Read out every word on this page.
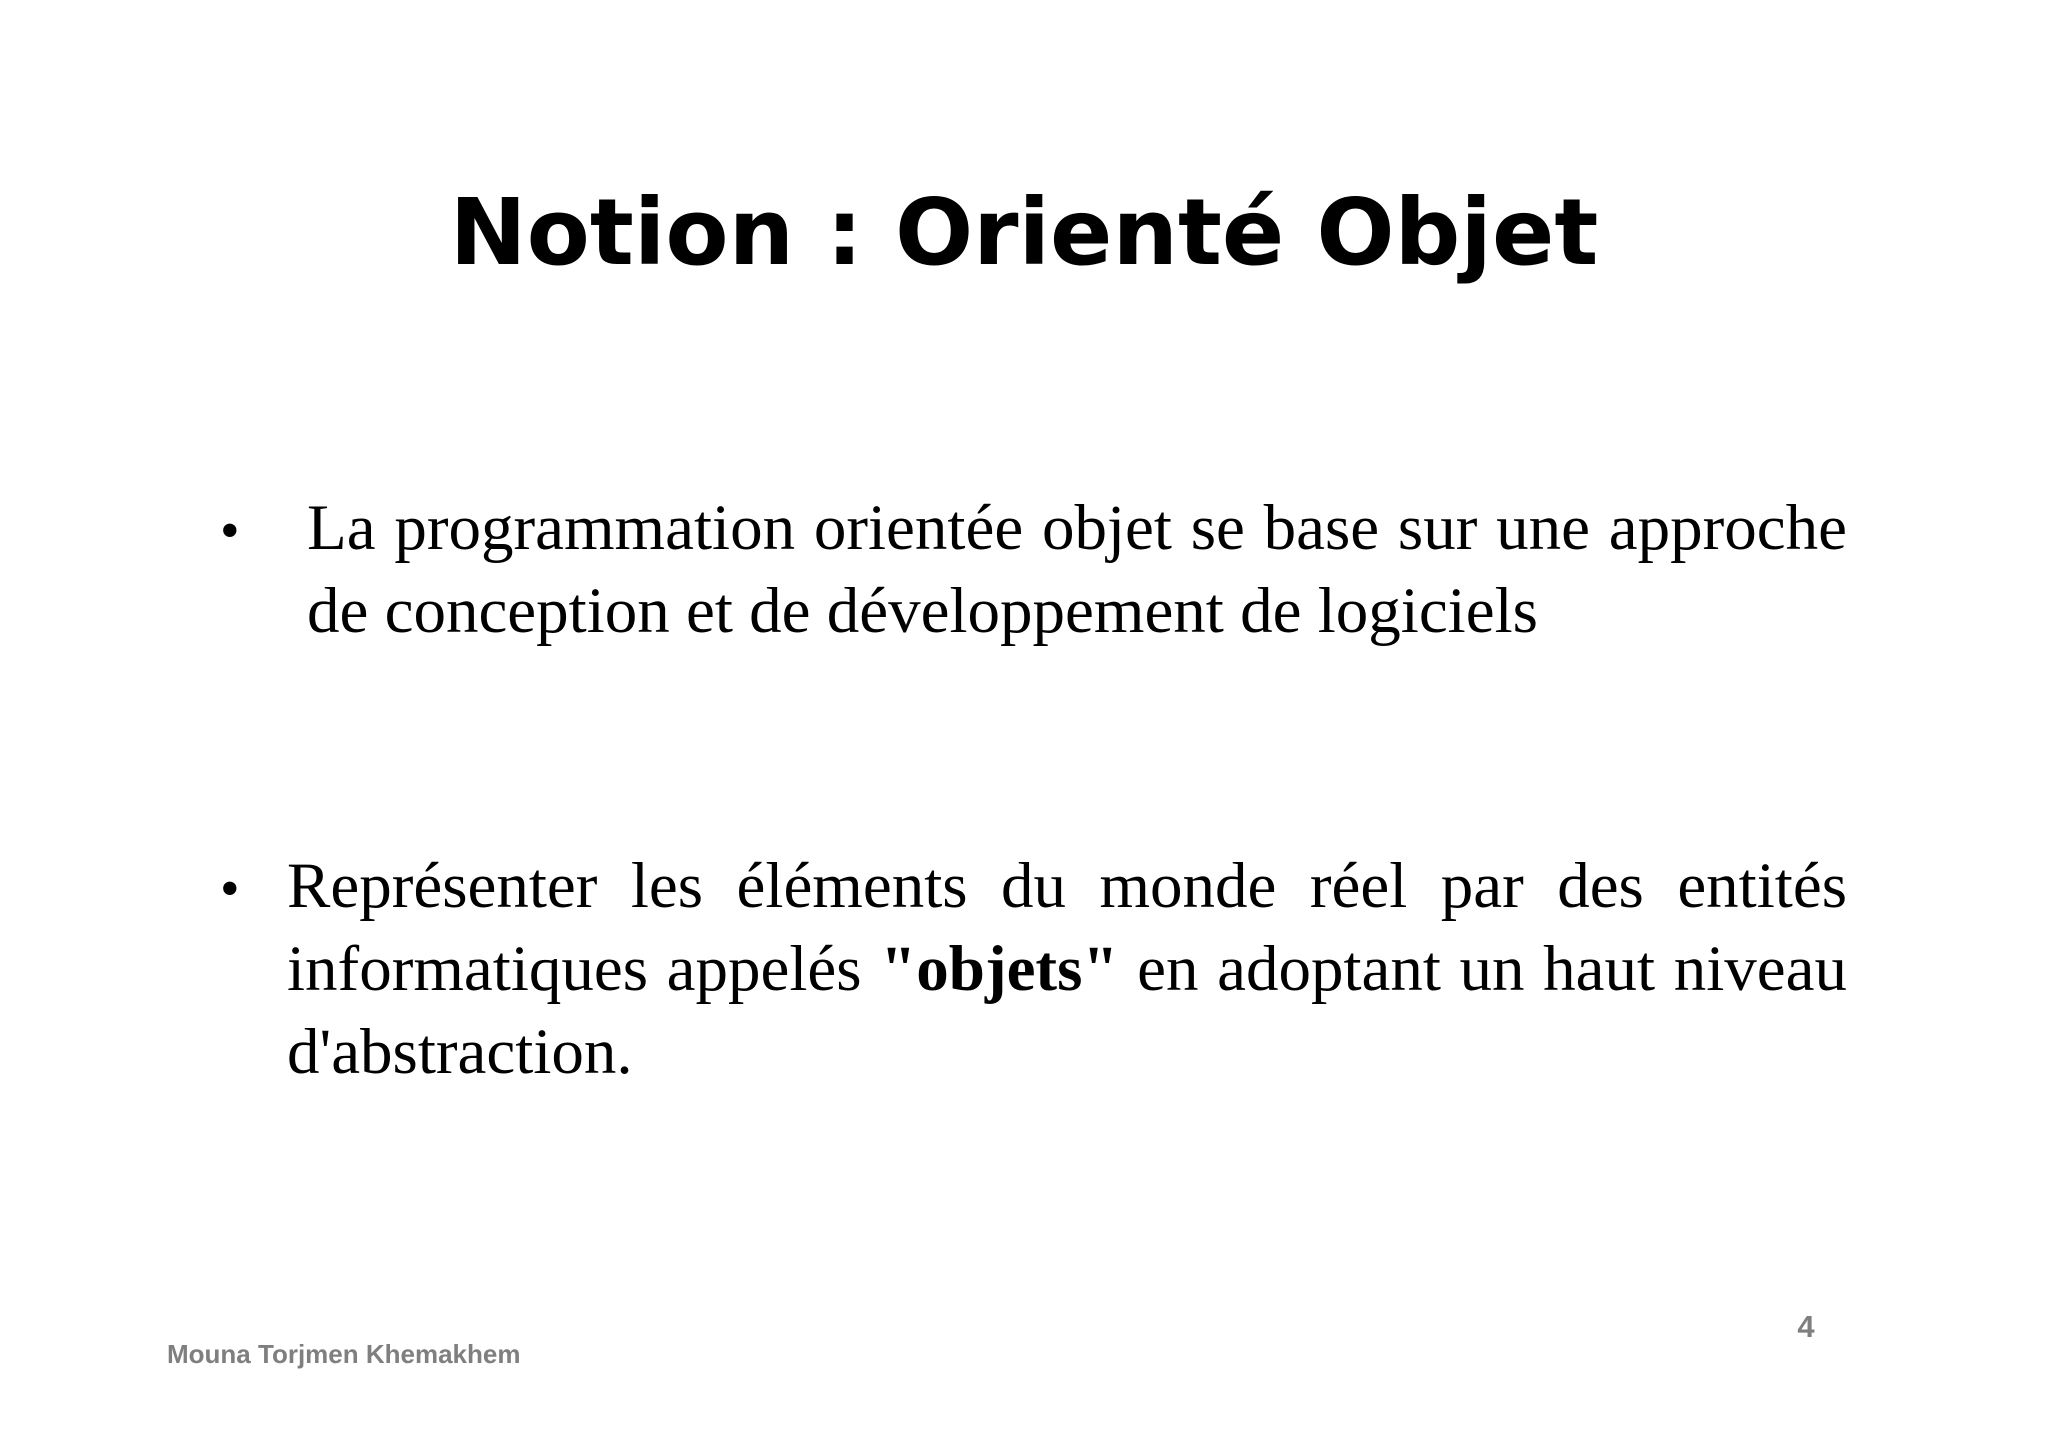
Notion : Orienté Objet
• La programmation orientée objet se base sur une approche de conception et de développement de logiciels
• Représenter les éléments du monde réel par des entités informatiques appelés "objets" en adoptant un haut niveau d'abstraction.
Mouna Torjmen Khemakhem
4
